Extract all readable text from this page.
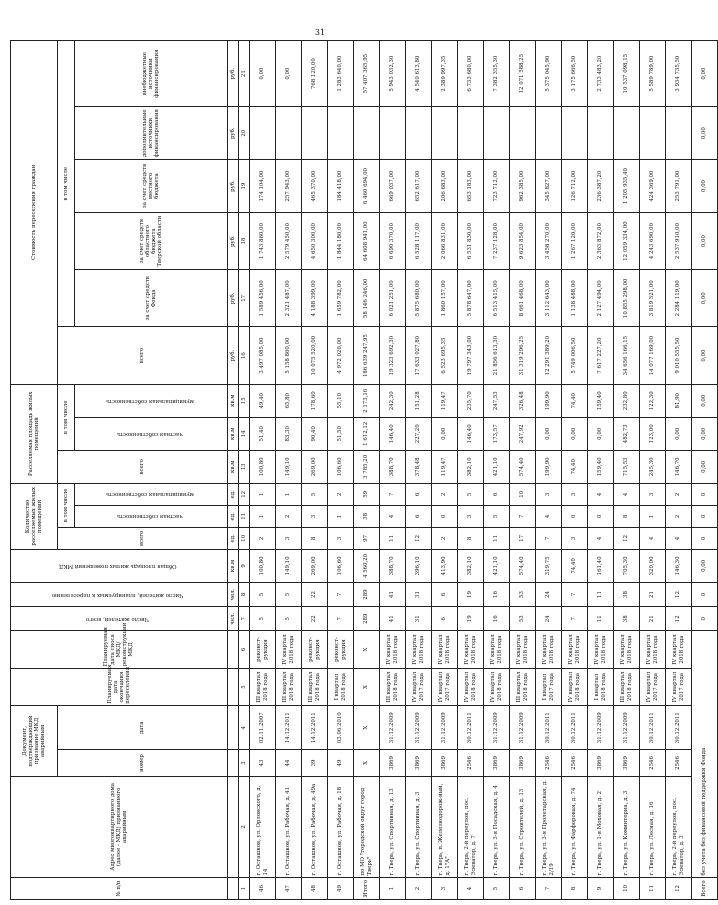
31
№ п/п	Адрес многоквартирного дома (далее - МКД) признанного аварийным	Документ, подтверждающий признание МКД аварийным		Планируемая дата окончания переселения	Планируемая дата сноса МКД/реконструкции МКД	Число жителей, всего	Число жителей, планируемых к переселению	Общая площадь жилых помещений МКД	Количество расселяемых жилых помещений			Расселяемая площадь жилых помещений			Стоимость переселения граждан					
		номер	дата						всего	в том числе		всего	в том числе		всего	в том числе				
										частная собственность	муниципальная собственность		частная собственность	муниципальная собственность		за счет средств Фонда	за счет средств областного бюджета Тверской области	за счет средств местного бюджета	дополнительные источники финансирования	внебюджетные источники финансирования
						чел.	чел.	кв.м	ед.	ед.	ед.	кв.м	кв.м	кв.м	руб.	руб.	руб.	руб.	руб.	руб.
1	2	3	4	5	6	7	8	9	10	11	12	13	14	15	16	17	18	19	20	21
46	г. Осташков, ул. Орловского, д. 14	43	02.11.2007	III квартал 2018 года	реконст-рукция	5	5	100,80	2	1	1	100,80	51,40	49,40	3 497 085,00	1 589 456,00	1 743 860,00	174 104,00		0,00
47	г. Осташков, ул. Рабочая, д. 41	44	14.12.2011	III квартал 2018 года	IV квартал 2018 года	5	5	149,10	3	2	1	149,10	83,30	65,80	5 158 860,00	2 321 487,00	2 579 450,00	257 943,00		0,00
48	г. Осташков, ул. Рабочая, д. 49а	39	14.12.2011	III квартал 2018 года	реконст-рукция	22	22	269,00	8	3	5	269,00	90,40	178,60	10 075 520,00	4 188 399,00	4 650 300,00	465 370,00		768 120,00
49	г. Осташков, ул. Рабочая, д. 18	49	03.06.2010	I квартал 2018 года	реконст-рукция	7	7	106,60	3	1	2	106,60	51,50	55,10	4 972 020,00	1 659 782,00	1 844 180,00	184 418,00		1 283 640,00
Итого	по МО "городской округ город Тверь"	X	X	X	X	289	289	4 560,20	97	38	59	3 785,20	1 612,12	2 173,16	186 639 247,95	58 146 246,00	64 608 941,00	6 460 694,00		57 407 365,95
1	г. Тверь, ул. Спортивная, д. 13	3869	31.12.2009	III квартал 2018 года	IV квартал 2018 года	41	41	388,70	11	4	7	388,70	146,40	242,30	19 323 692,30	6 021 251,00	6 690 370,00	669 037,00		5 943 032,30
2	г. Тверь, ул. Спортивная, д. 3	3869	31.12.2009	IV квартал 2017 года	IV квартал 2018 года	31	31	396,10	12	6	6	378,48	227,20	151,28	17 633 027,80	5 875 680,00	6 528 117,00	652 617,00		4 540 613,80
3	г. Тверь, п. Железнодорож-ный, д. 1"А"	3869	31.12.2009	IV квартал 2017 года	IV квартал 2018 года	6	6	413,90	2	0	2	119,47	0,00	119,47	6 523 695,35	1 860 157,00	2 066 831,00	206 683,00		2 389 997,35
4	г. Тверь, 2-й переулок, пос. Элеватор, д. 7	2546	30.12.2011	IV квартал 2018 года	IV квартал 2018 года	19	19	382,10	8	3	5	382,10	146,40	235,70	19 797 343,00	5 878 647,00	6 531 830,00	653 183,00		6 733 680,00
5	г. Тверь, ул. 3-я Посадская, д. 4	3869	31.12.2009	IV квартал 2018 года	IV квартал 2018 года	16	16	421,10	11	5	6	421,10	173,57	247,53	21 856 613,30	6 513 415,00	7 237 128,00	723 712,00		7 382 355,30
6	г. Тверь, ул. Строителей, д. 13	3869	31.12.2009	III квартал 2018 года	IV квартал 2018 года	53	53	574,40	17	7	10	574,40	247,92	326,48	31 319 296,25	8 661 468,00	9 623 854,00	962 385,00		12 071 588,25
7	г. Тверь, ул. 3-я Пролетарская, д. 2/19	2546	30.12.2011	I квартал 2017 года	IV квартал 2018 года	24	24	319,75	7	4	3	199,90	0,00	199,90	12 291 389,20	3 112 643,00	3 458 270,00	345 827,00		5 375 045,90
8	г. Тверь, ул. Фарфоровая, д. 74	2546	30.12.2011	IV квартал 2018 года	IV квартал 2018 года	7	7	74,40	3	0	3	74,40	0,00	74,40	5 749 006,50	1 138 488,00	1 267 120,00	126 712,00		3 175 666,50
9	г. Тверь, ул. 1-я Моховая, д. 2	3869	31.12.2009	I квартал 2018 года	IV квартал 2018 года	11	11	161,40	4	0	4	159,40	0,00	159,40	7 617 227,20	2 127 494,00	2 363 872,00	236 387,20		2 733 483,20
10	г. Тверь, ул. Коминтерна, д. 3	3869	31.12.2009	III квартал 2018 года	IV квартал 2018 года	38	38	705,30	12	8	4	715,53	482,73	232,80	34 656 166,15	10 855 298,00	12 059 334,00	1 205 935,40		10 537 098,15
11	г. Тверь, ул. Лесная, д. 16	2546	30.12.2011	IV квартал 2017 года	IV квартал 2018 года	21	21	320,00	4	1	3	245,30	123,00	122,30	14 077 169,00	3 819 521,00	4 243 690,00	424 369,00		5 589 789,00
12	г. Тверь, 2-й переулок, пос. Элеватор, д. 3	2546	30.12.2011	IV квартал 2017 года	IV квартал 2018 года	12	12	146,30	4	2	2	146,70	0,00	81,90	9 010 555,50	2 284 119,00	2 537 910,00	253 791,00		3 934 735,50
Всего	без учета без финансовой поддержки Фонда					0	0	0,00	0	0	0	0,00	0,00	0,00	0,00	0,00	0,00	0,00	0,00	0,00
